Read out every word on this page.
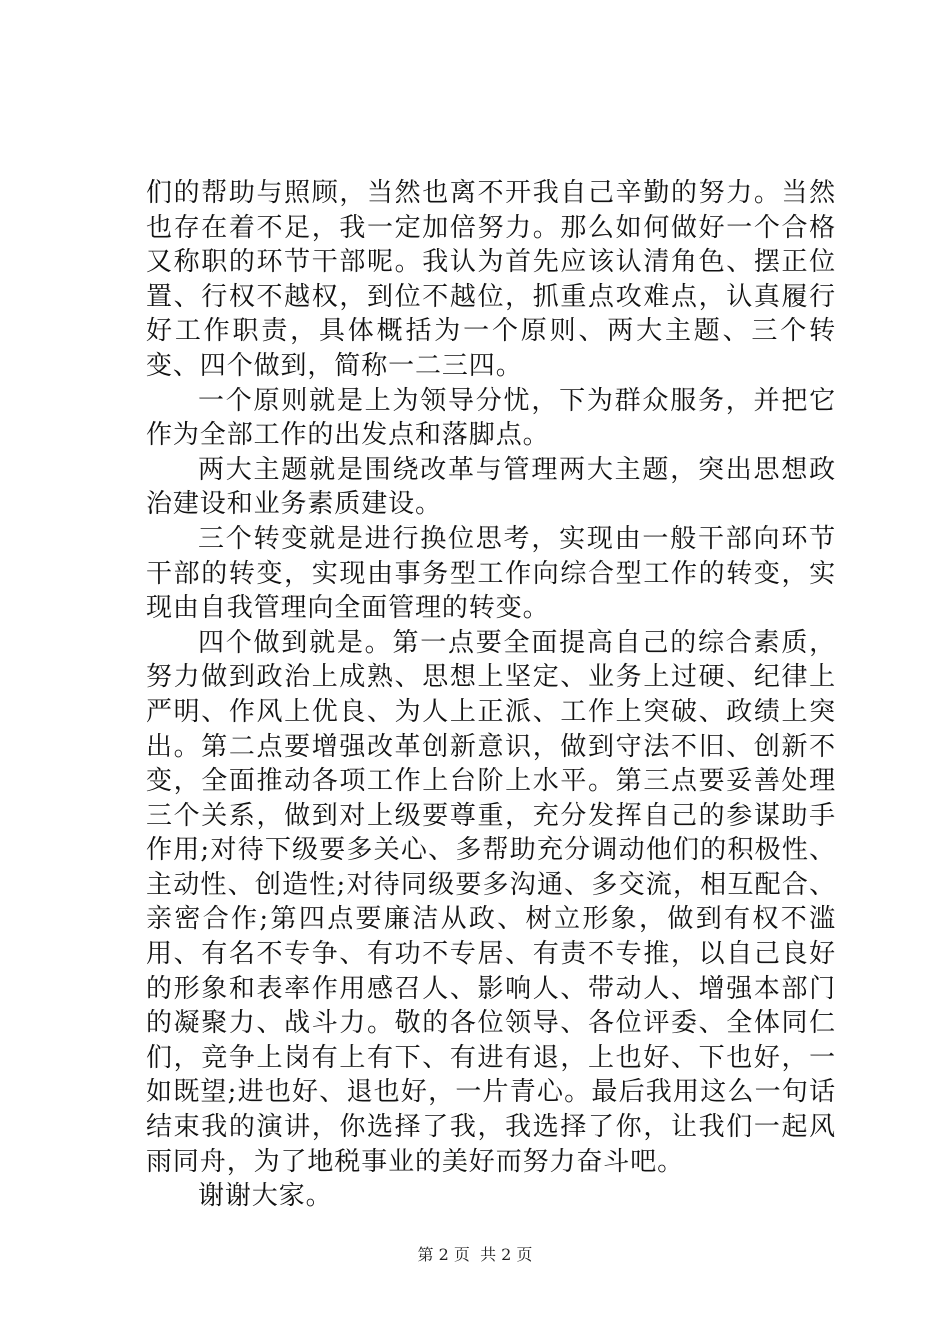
们的帮助与照顾，当然也离不开我自己辛勤的努力。当然也存在着不足，我一定加倍努力。那么如何做好一个合格又称职的环节干部呢。我认为首先应该认清角色、摆正位置、行权不越权，到位不越位，抓重点攻难点，认真履行好工作职责，具体概括为一个原则、两大主题、三个转变、四个做到，简称一二三四。

一个原则就是上为领导分忧，下为群众服务，并把它作为全部工作的出发点和落脚点。

两大主题就是围绕改革与管理两大主题，突出思想政治建设和业务素质建设。

三个转变就是进行换位思考，实现由一般干部向环节干部的转变，实现由事务型工作向综合型工作的转变，实现由自我管理向全面管理的转变。

四个做到就是。第一点要全面提高自己的综合素质，努力做到政治上成熟、思想上坚定、业务上过硬、纪律上严明、作风上优良、为人上正派、工作上突破、政绩上突出。第二点要增强改革创新意识，做到守法不旧、创新不变，全面推动各项工作上台阶上水平。第三点要妥善处理三个关系，做到对上级要尊重，充分发挥自己的参谋助手作用;对待下级要多关心、多帮助充分调动他们的积极性、主动性、创造性;对待同级要多沟通、多交流，相互配合、亲密合作;第四点要廉洁从政、树立形象，做到有权不滥用、有名不专争、有功不专居、有责不专推，以自己良好的形象和表率作用感召人、影响人、带动人、增强本部门的凝聚力、战斗力。敬的各位领导、各位评委、全体同仁们，竞争上岗有上有下、有进有退，上也好、下也好，一如既望;进也好、退也好，一片青心。最后我用这么一句话结束我的演讲，你选择了我，我选择了你，让我们一起风雨同舟，为了地税事业的美好而努力奋斗吧。

谢谢大家。

第 2 页  共 2 页
